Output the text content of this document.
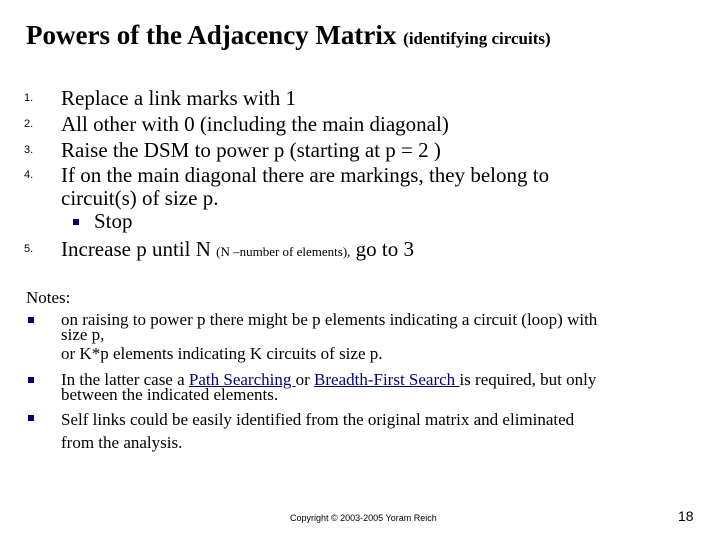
Powers of the Adjacency Matrix (identifying circuits)
1.	Replace a link marks with 1
2.	All other with 0 (including the main diagonal)
3.	Raise the DSM to power p (starting at p = 2 )
4.	If on the main diagonal there are markings, they belong to
circuit(s) of size p.
Stop
5.	Increase p until N (N –number of elements), go to 3
Notes:
on raising to power p there might be p elements indicating a circuit (loop) with
size p,
or K*p elements indicating K circuits of size p.
In the latter case a Path Searching or Breadth-First Search is required, but only
between the indicated elements.
Self links could be easily identified from the original matrix and eliminated
from the analysis.
Copyright © 2003-2005 Yoram Reich	18
